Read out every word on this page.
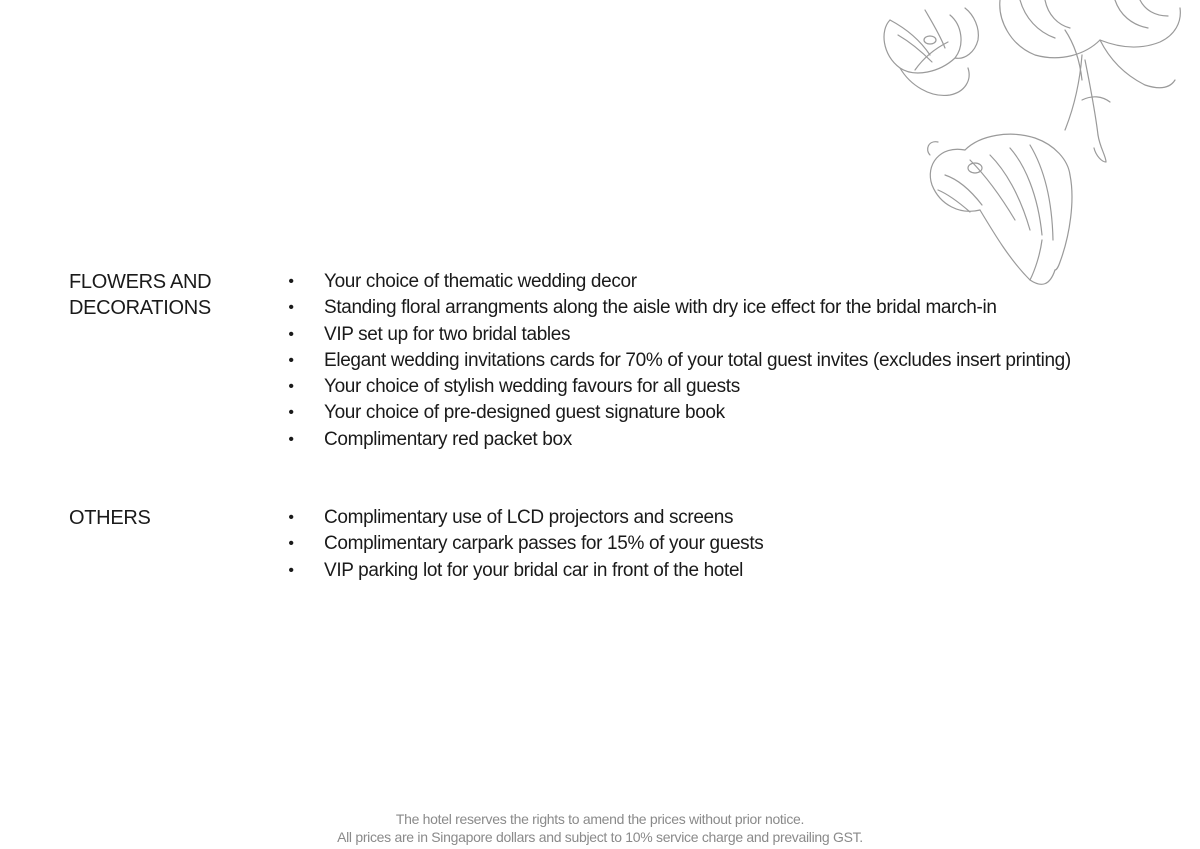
FLOWERS AND
DECORATIONS
• Your choice of thematic wedding decor
• Standing floral arrangments along the aisle with dry ice effect for the bridal march-in
• VIP set up for two bridal tables
• Elegant wedding invitations cards for 70% of your total guest invites (excludes insert printing)
• Your choice of stylish wedding favours for all guests
• Your choice of pre-designed guest signature book
• Complimentary red packet box
OTHERS	• Complimentary use of LCD projectors and screens
• Complimentary carpark passes for 15% of your guests
• VIP parking lot for your bridal car in front of the hotel
The hotel reserves the rights to amend the prices without prior notice.
All prices are in Singapore dollars and subject to 10% service charge and prevailing GST.
